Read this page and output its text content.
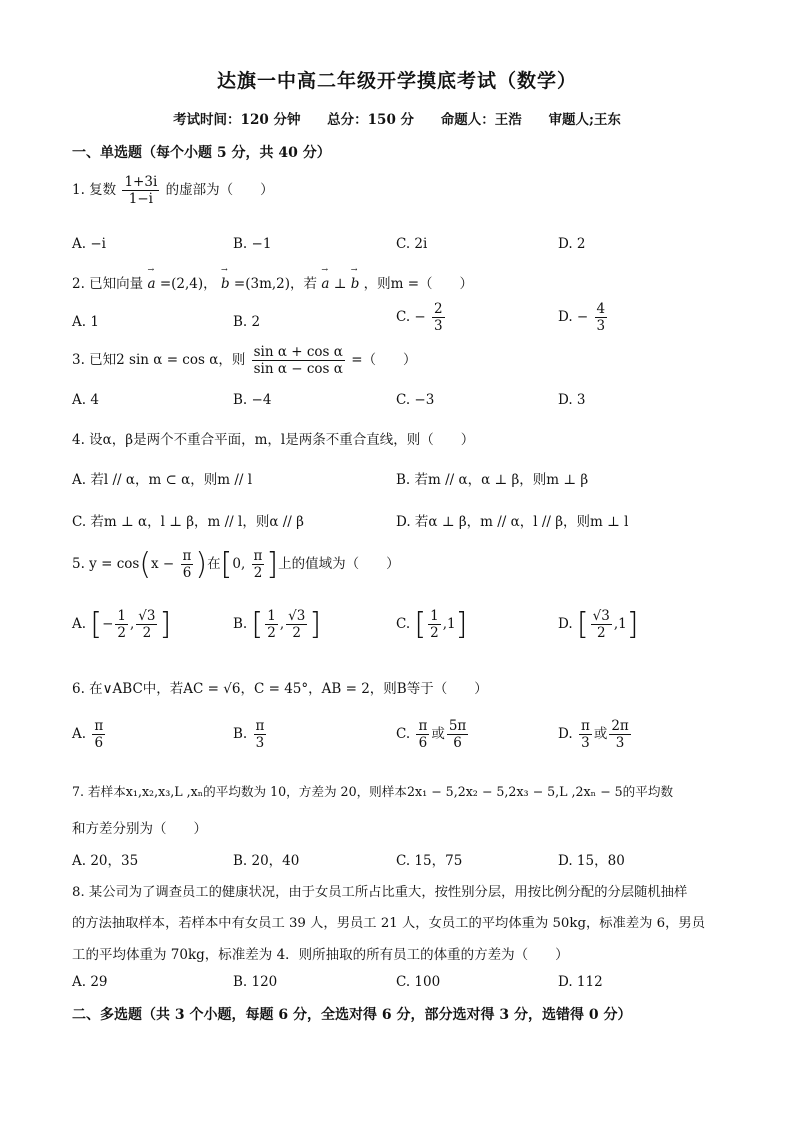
达旗一中高二年级开学摸底考试（数学）
考试时间：120 分钟 总分：150 分 命题人：王浩 审题人;王东
一、单选题（每个小题 5 分，共 40 分）
1. 复数 $\frac{1+3i}{1-i}$ 的虚部为（　　）
A. −i	B. −1	C. 2i	D. 2
2. 已知向量 → a =(2,4)， → b =(3m,2)，若 → a ⊥ → b ，则m =（　　）
A. 1	B. 2	C. − $\frac{2}{3}$	D. − $\frac{4}{3}$
3. 已知2 sin α = cos α，则 $\frac{\text{sin α + cos α}}{\text{sin α − cos α}}$ =（　　）
A. 4	B. −4	C. −3	D. 3
4. 设α，β是两个不重合平面，m，l是两条不重合直线，则（　　）
A. 若l // α，m ⊂ α，则m // l	B. 若m // α，α ⊥ β，则m ⊥ β
C. 若m ⊥ α，l ⊥ β，m // l，则α // β	D. 若α ⊥ β，m // α，l // β，则m ⊥ l
5. $y = \cos(x - \frac{\pi}{6}$ )在[0, $\frac{\pi}{2}$ ]上的值域为（　　）
A. [− $\frac{1}{2}$ , $\frac{√3}{2}$ ]	B. [ $\frac{1}{2}$ , $\frac{√3}{2}$ ]	C. [ $\frac{1}{2} ,1$]	D. [ $\frac{√3}{2} ,1$]
6. 在∨ABC中，若AC = √6，C = 45°，AB = 2，则B等于（　　）
A. $\frac{\pi}{6}$	B. $\frac{\pi}{3}$	C. $\frac{\pi}{6}$ 或 $\frac{5\pi}{6}$	D. $\frac{\pi}{3}$ 或 $\frac{2\pi}{3}$
7. 若样本x₁,x₂,x₃,L ,xₙ的平均数为 10，方差为 20，则样本2x₁ − 5,2x₂ − 5,2x₃ − 5,L ,2xₙ − 5的平均数
和方差分别为（　　）
A. 20，35	B. 20，40	C. 15，75	D. 15，80
8. 某公司为了调查员工的健康状况，由于女员工所占比重大，按性别分层，用按比例分配的分层随机抽样
的方法抽取样本，若样本中有女员工 39 人，男员工 21 人，女员工的平均体重为 50kg，标准差为 6，男员
工的平均体重为 70kg，标准差为 4．则所抽取的所有员工的体重的方差为（　　）
A. 29	B. 120	C. 100	D. 112
二、多选题（共 3 个小题，每题 6 分，全选对得 6 分，部分选对得 3 分，选错得 0 分）
